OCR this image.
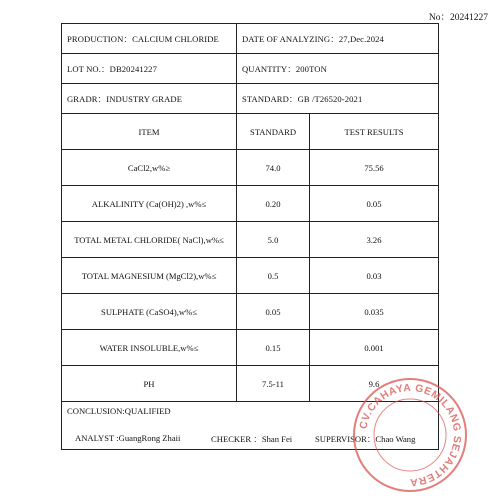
No：20241227
PRODUCTION：CALCIUM CHLORIDE	DATE OF ANALYZING：27,Dec.2024	
LOT NO.：DB20241227	QUANTITY：200TON	
GRADR：INDUSTRY GRADE	STANDARD：GB /T26520-2021	
ITEM	STANDARD	TEST RESULTS
CaCl2,w%≥	74.0	75.56
ALKALINITY (Ca(OH)2) ,w%≤	0.20	0.05
TOTAL METAL CHLORIDE( NaCl),w%≤	5.0	3.26
TOTAL MAGNESIUM (MgCl2),w%≤	0.5	0.03
SULPHATE (CaSO4),w%≤	0.05	0.035
WATER INSOLUBLE,w%≤	0.15	0.001
PH	7.5-11	9.6
CONCLUSION:QUALIFIED		
ANALYST :GuangRong Zhaii	CHECKER ：Shan Fei	SUPERVISOR：Chao Wang
CV.CAHAYA GEMILANG SEJAHTERA
